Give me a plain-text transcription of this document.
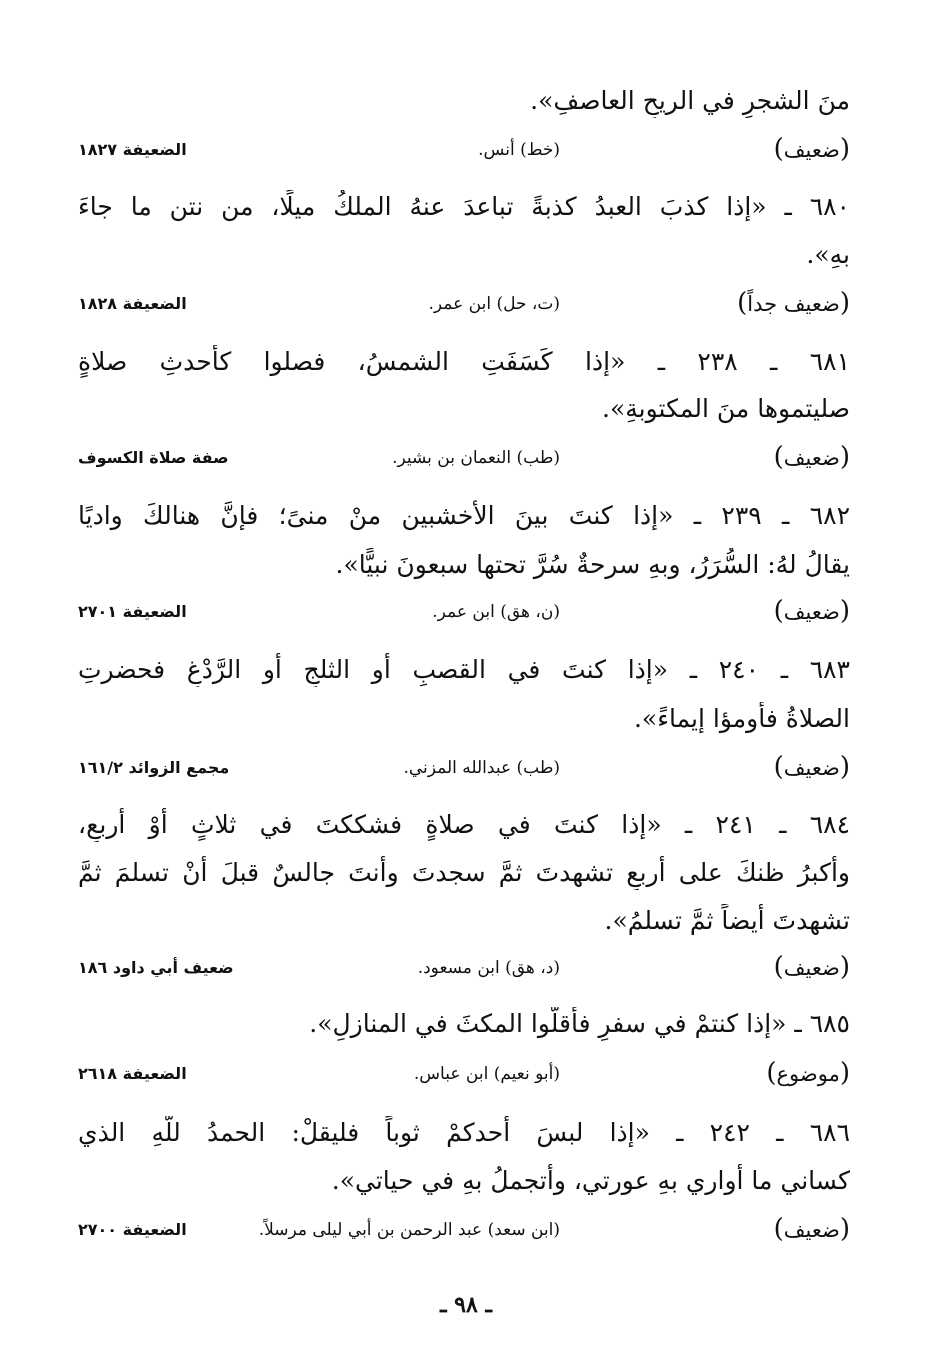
منَ الشجرِ في الريحِ العاصفِ».
( ضعيف )
(خط) أنس.
الضعيفة ١٨٢٧
٦٨٠ ـ «إذا كذبَ العبدُ كذبةً تباعدَ عنهُ الملكُ ميلًا، من نتن ما جاءَ
بهِ».
( ضعيف جداً )
(ت، حل) ابن عمر.
الضعيفة ١٨٢٨
٦٨١ ـ ٢٣٨ ـ «إذا كَسَفَتِ الشمسُ، فصلوا كأحدثِ صلاةٍ
صليتموها منَ المكتوبةِ».
( ضعيف )
(طب) النعمان بن بشير.
صفة صلاة الكسوف
٦٨٢ ـ ٢٣٩ ـ «إذا كنتَ بينَ الأخشبين منْ منىً؛ فإنَّ هنالكَ واديًا
يقالُ لهُ: السُّرَرُ، وبهِ سرحةٌ سُرَّ تحتها سبعونَ نبيًّا».
( ضعيف )
(ن، هق) ابن عمر.
الضعيفة ٢٧٠١
٦٨٣ ـ ٢٤٠ ـ «إذا كنتَ في القصبِ أو الثلجِ أو الرَّدْغِ فحضرتِ
الصلاةُ فأومؤا إيماءً».
( ضعيف )
(طب) عبدالله المزني.
مجمع الزوائد ١٦١/٢
٦٨٤ ـ ٢٤١ ـ «إذا كنتَ في صلاةٍ فشككتَ في ثلاثٍ أوْ أربعٍ،
وأكبرُ ظنكَ على أربعٍ تشهدتَ ثمَّ سجدتَ وأنتَ جالسٌ قبلَ أنْ تسلمَ ثمَّ
تشهدتَ أيضاً ثمَّ تسلمُ».
( ضعيف )
(د، هق) ابن مسعود.
ضعيف أبي داود ١٨٦
٦٨٥ ـ «إذا كنتمْ في سفرٍ فأقلُّوا المكثَ في المنازلِ».
( موضوع )
(أبو نعيم) ابن عباس.
الضعيفة ٢٦١٨
٦٨٦ ـ ٢٤٢ ـ «إذا لبسَ أحدكمْ ثوباً فليقلْ: الحمدُ للّهِ الذي
كساني ما أُواري بهِ عورتي، وأتجملُ بهِ في حياتي».
( ضعيف )
(ابن سعد) عبد الرحمن بن أبي ليلى مرسلاً.
الضعيفة ٢٧٠٠
ـ ٩٨ ـ
